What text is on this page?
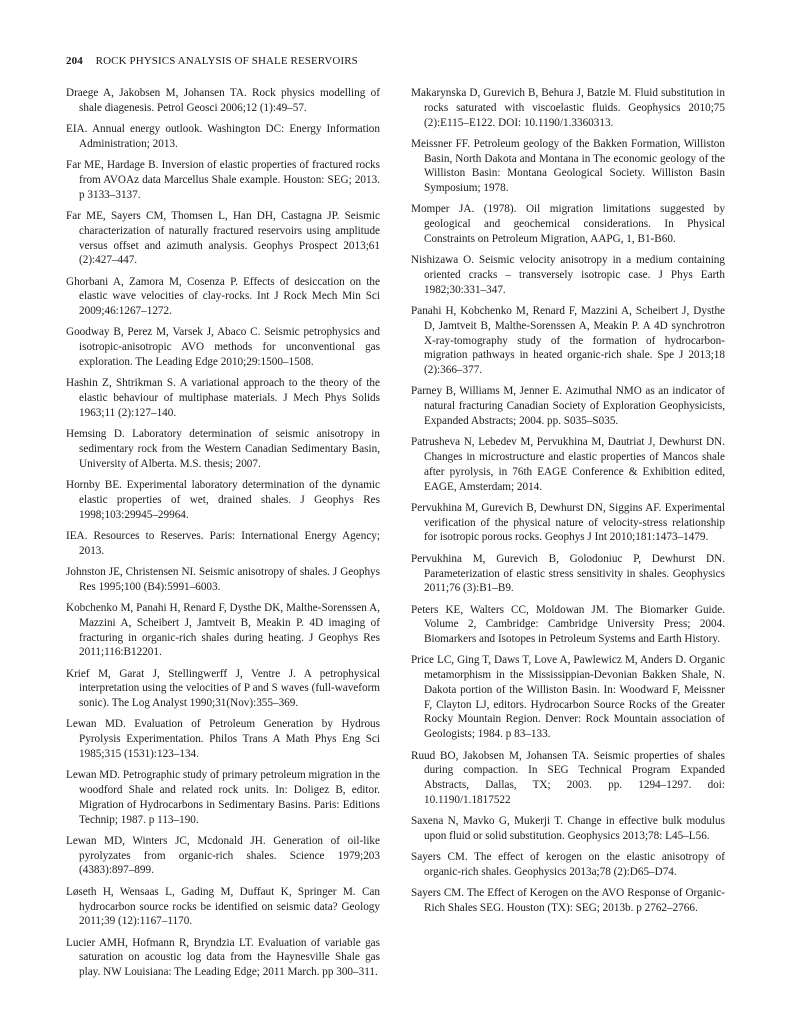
204 ROCK PHYSICS ANALYSIS OF SHALE RESERVOIRS

Draege A, Jakobsen M, Johansen TA. Rock physics modelling of shale diagenesis. Petrol Geosci 2006;12 (1):49–57.

EIA. Annual energy outlook. Washington DC: Energy Information Administration; 2013.

Far ME, Hardage B. Inversion of elastic properties of fractured rocks from AVOAz data Marcellus Shale example. Houston: SEG; 2013. p 3133–3137.

Far ME, Sayers CM, Thomsen L, Han DH, Castagna JP. Seismic characterization of naturally fractured reservoirs using amplitude versus offset and azimuth analysis. Geophys Prospect 2013;61 (2):427–447.

Ghorbani A, Zamora M, Cosenza P. Effects of desiccation on the elastic wave velocities of clay-rocks. Int J Rock Mech Min Sci 2009;46:1267–1272.

Goodway B, Perez M, Varsek J, Abaco C. Seismic petrophysics and isotropic-anisotropic AVO methods for unconventional gas exploration. The Leading Edge 2010;29:1500–1508.

Hashin Z, Shtrikman S. A variational approach to the theory of the elastic behaviour of multiphase materials. J Mech Phys Solids 1963;11 (2):127–140.

Hemsing D. Laboratory determination of seismic anisotropy in sedimentary rock from the Western Canadian Sedimentary Basin, University of Alberta. M.S. thesis; 2007.

Hornby BE. Experimental laboratory determination of the dynamic elastic properties of wet, drained shales. J Geophys Res 1998;103:29945–29964.

IEA. Resources to Reserves. Paris: International Energy Agency; 2013.

Johnston JE, Christensen NI. Seismic anisotropy of shales. J Geophys Res 1995;100 (B4):5991–6003.

Kobchenko M, Panahi H, Renard F, Dysthe DK, Malthe-Sorenssen A, Mazzini A, Scheibert J, Jamtveit B, Meakin P. 4D imaging of fracturing in organic-rich shales during heating. J Geophys Res 2011;116:B12201.

Krief M, Garat J, Stellingwerff J, Ventre J. A petrophysical interpretation using the velocities of P and S waves (full-waveform sonic). The Log Analyst 1990;31(Nov):355–369.

Lewan MD. Evaluation of Petroleum Generation by Hydrous Pyrolysis Experimentation. Philos Trans A Math Phys Eng Sci 1985;315 (1531):123–134.

Lewan MD. Petrographic study of primary petroleum migration in the woodford Shale and related rock units. In: Doligez B, editor. Migration of Hydrocarbons in Sedimentary Basins. Paris: Editions Technip; 1987. p 113–190.

Lewan MD, Winters JC, Mcdonald JH. Generation of oil-like pyrolyzates from organic-rich shales. Science 1979;203 (4383):897–899.

Løseth H, Wensaas L, Gading M, Duffaut K, Springer M. Can hydrocarbon source rocks be identified on seismic data? Geology 2011;39 (12):1167–1170.

Lucier AMH, Hofmann R, Bryndzia LT. Evaluation of variable gas saturation on acoustic log data from the Haynesville Shale gas play. NW Louisiana: The Leading Edge; 2011 March. pp 300–311.

Makarynska D, Gurevich B, Behura J, Batzle M. Fluid substitution in rocks saturated with viscoelastic fluids. Geophysics 2010;75 (2):E115–E122. DOI: 10.1190/1.3360313.

Meissner FF. Petroleum geology of the Bakken Formation, Williston Basin, North Dakota and Montana in The economic geology of the Williston Basin: Montana Geological Society. Williston Basin Symposium; 1978.

Momper JA. (1978). Oil migration limitations suggested by geological and geochemical considerations. In Physical Constraints on Petroleum Migration, AAPG, 1, B1-B60.

Nishizawa O. Seismic velocity anisotropy in a medium containing oriented cracks – transversely isotropic case. J Phys Earth 1982;30:331–347.

Panahi H, Kobchenko M, Renard F, Mazzini A, Scheibert J, Dysthe D, Jamtveit B, Malthe-Sorenssen A, Meakin P. A 4D synchrotron X-ray-tomography study of the formation of hydrocarbon-migration pathways in heated organic-rich shale. Spe J 2013;18 (2):366–377.

Parney B, Williams M, Jenner E. Azimuthal NMO as an indicator of natural fracturing Canadian Society of Exploration Geophysicists, Expanded Abstracts; 2004. pp. S035–S035.

Patrusheva N, Lebedev M, Pervukhina M, Dautriat J, Dewhurst DN. Changes in microstructure and elastic properties of Mancos shale after pyrolysis, in 76th EAGE Conference & Exhibition edited, EAGE, Amsterdam; 2014.

Pervukhina M, Gurevich B, Dewhurst DN, Siggins AF. Experimental verification of the physical nature of velocity-stress relationship for isotropic porous rocks. Geophys J Int 2010;181:1473–1479.

Pervukhina M, Gurevich B, Golodoniuc P, Dewhurst DN. Parameterization of elastic stress sensitivity in shales. Geophysics 2011;76 (3):B1–B9.

Peters KE, Walters CC, Moldowan JM. The Biomarker Guide. Volume 2, Cambridge: Cambridge University Press; 2004. Biomarkers and Isotopes in Petroleum Systems and Earth History.

Price LC, Ging T, Daws T, Love A, Pawlewicz M, Anders D. Organic metamorphism in the Mississippian-Devonian Bakken Shale, N. Dakota portion of the Williston Basin. In: Woodward F, Meissner F, Clayton LJ, editors. Hydrocarbon Source Rocks of the Greater Rocky Mountain Region. Denver: Rock Mountain association of Geologists; 1984. p 83–133.

Ruud BO, Jakobsen M, Johansen TA. Seismic properties of shales during compaction. In SEG Technical Program Expanded Abstracts, Dallas, TX; 2003. pp. 1294–1297. doi: 10.1190/1.1817522

Saxena N, Mavko G, Mukerji T. Change in effective bulk modulus upon fluid or solid substitution. Geophysics 2013;78: L45–L56.

Sayers CM. The effect of kerogen on the elastic anisotropy of organic-rich shales. Geophysics 2013a;78 (2):D65–D74.

Sayers CM. The Effect of Kerogen on the AVO Response of Organic-Rich Shales SEG. Houston (TX): SEG; 2013b. p 2762–2766.
